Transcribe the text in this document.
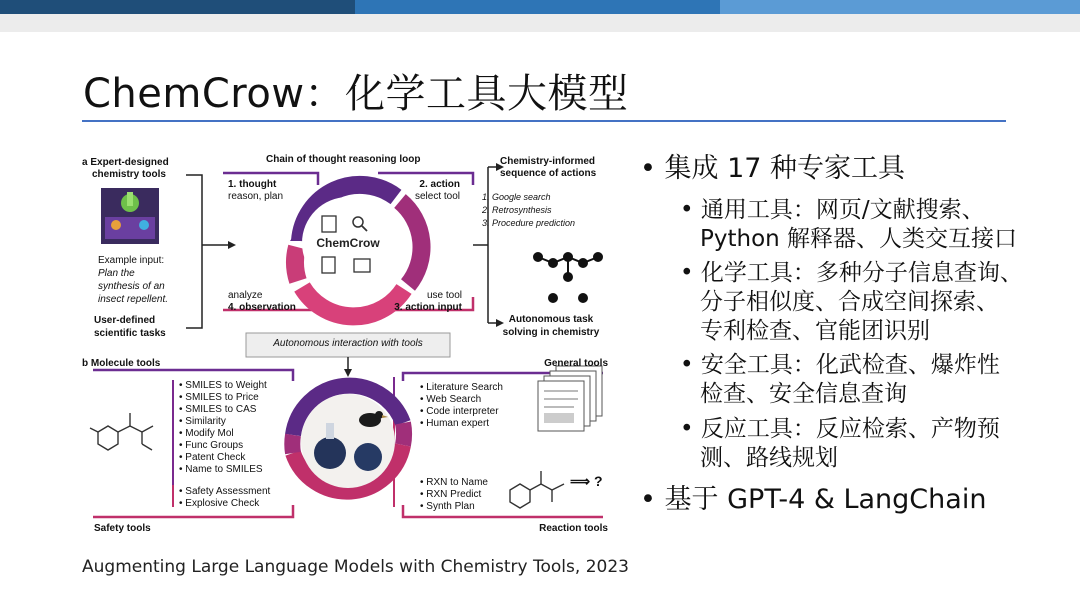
ChemCrow：化学工具大模型
a Expert-designed
chemistry tools
Example input:
Plan the
synthesis of an
insect repellent.
User-defined
scientific tasks
Chain of thought reasoning loop
1. thought
reason, plan
2. action
select tool
use tool
3. action input
analyze
4. observation
ChemCrow
Chemistry-informed
sequence of actions
1. Google search
2. Retrosynthesis
3. Procedure prediction
Autonomous task
solving in chemistry
Autonomous interaction with tools
b Molecule tools
• SMILES to Weight
• SMILES to Price
• SMILES to CAS
• Similarity
• Modify Mol
• Func Groups
• Patent Check
• Name to SMILES
• Safety Assessment
• Explosive Check
Safety tools
General tools
• Literature Search
• Web Search
• Code interpreter
• Human expert
• RXN to Name
• RXN Predict
• Synth Plan
⟹ ?
Reaction tools
Augmenting Large Language Models with Chemistry Tools, 2023
• 集成 17 种专家工具
• 通用工具：网页/文献搜索、
Python 解释器、人类交互接口
• 化学工具：多种分子信息查询、
分子相似度、合成空间探索、
专利检查、官能团识别
• 安全工具：化武检查、爆炸性
检查、安全信息查询
• 反应工具：反应检索、产物预
测、路线规划
• 基于 GPT-4 & LangChain
